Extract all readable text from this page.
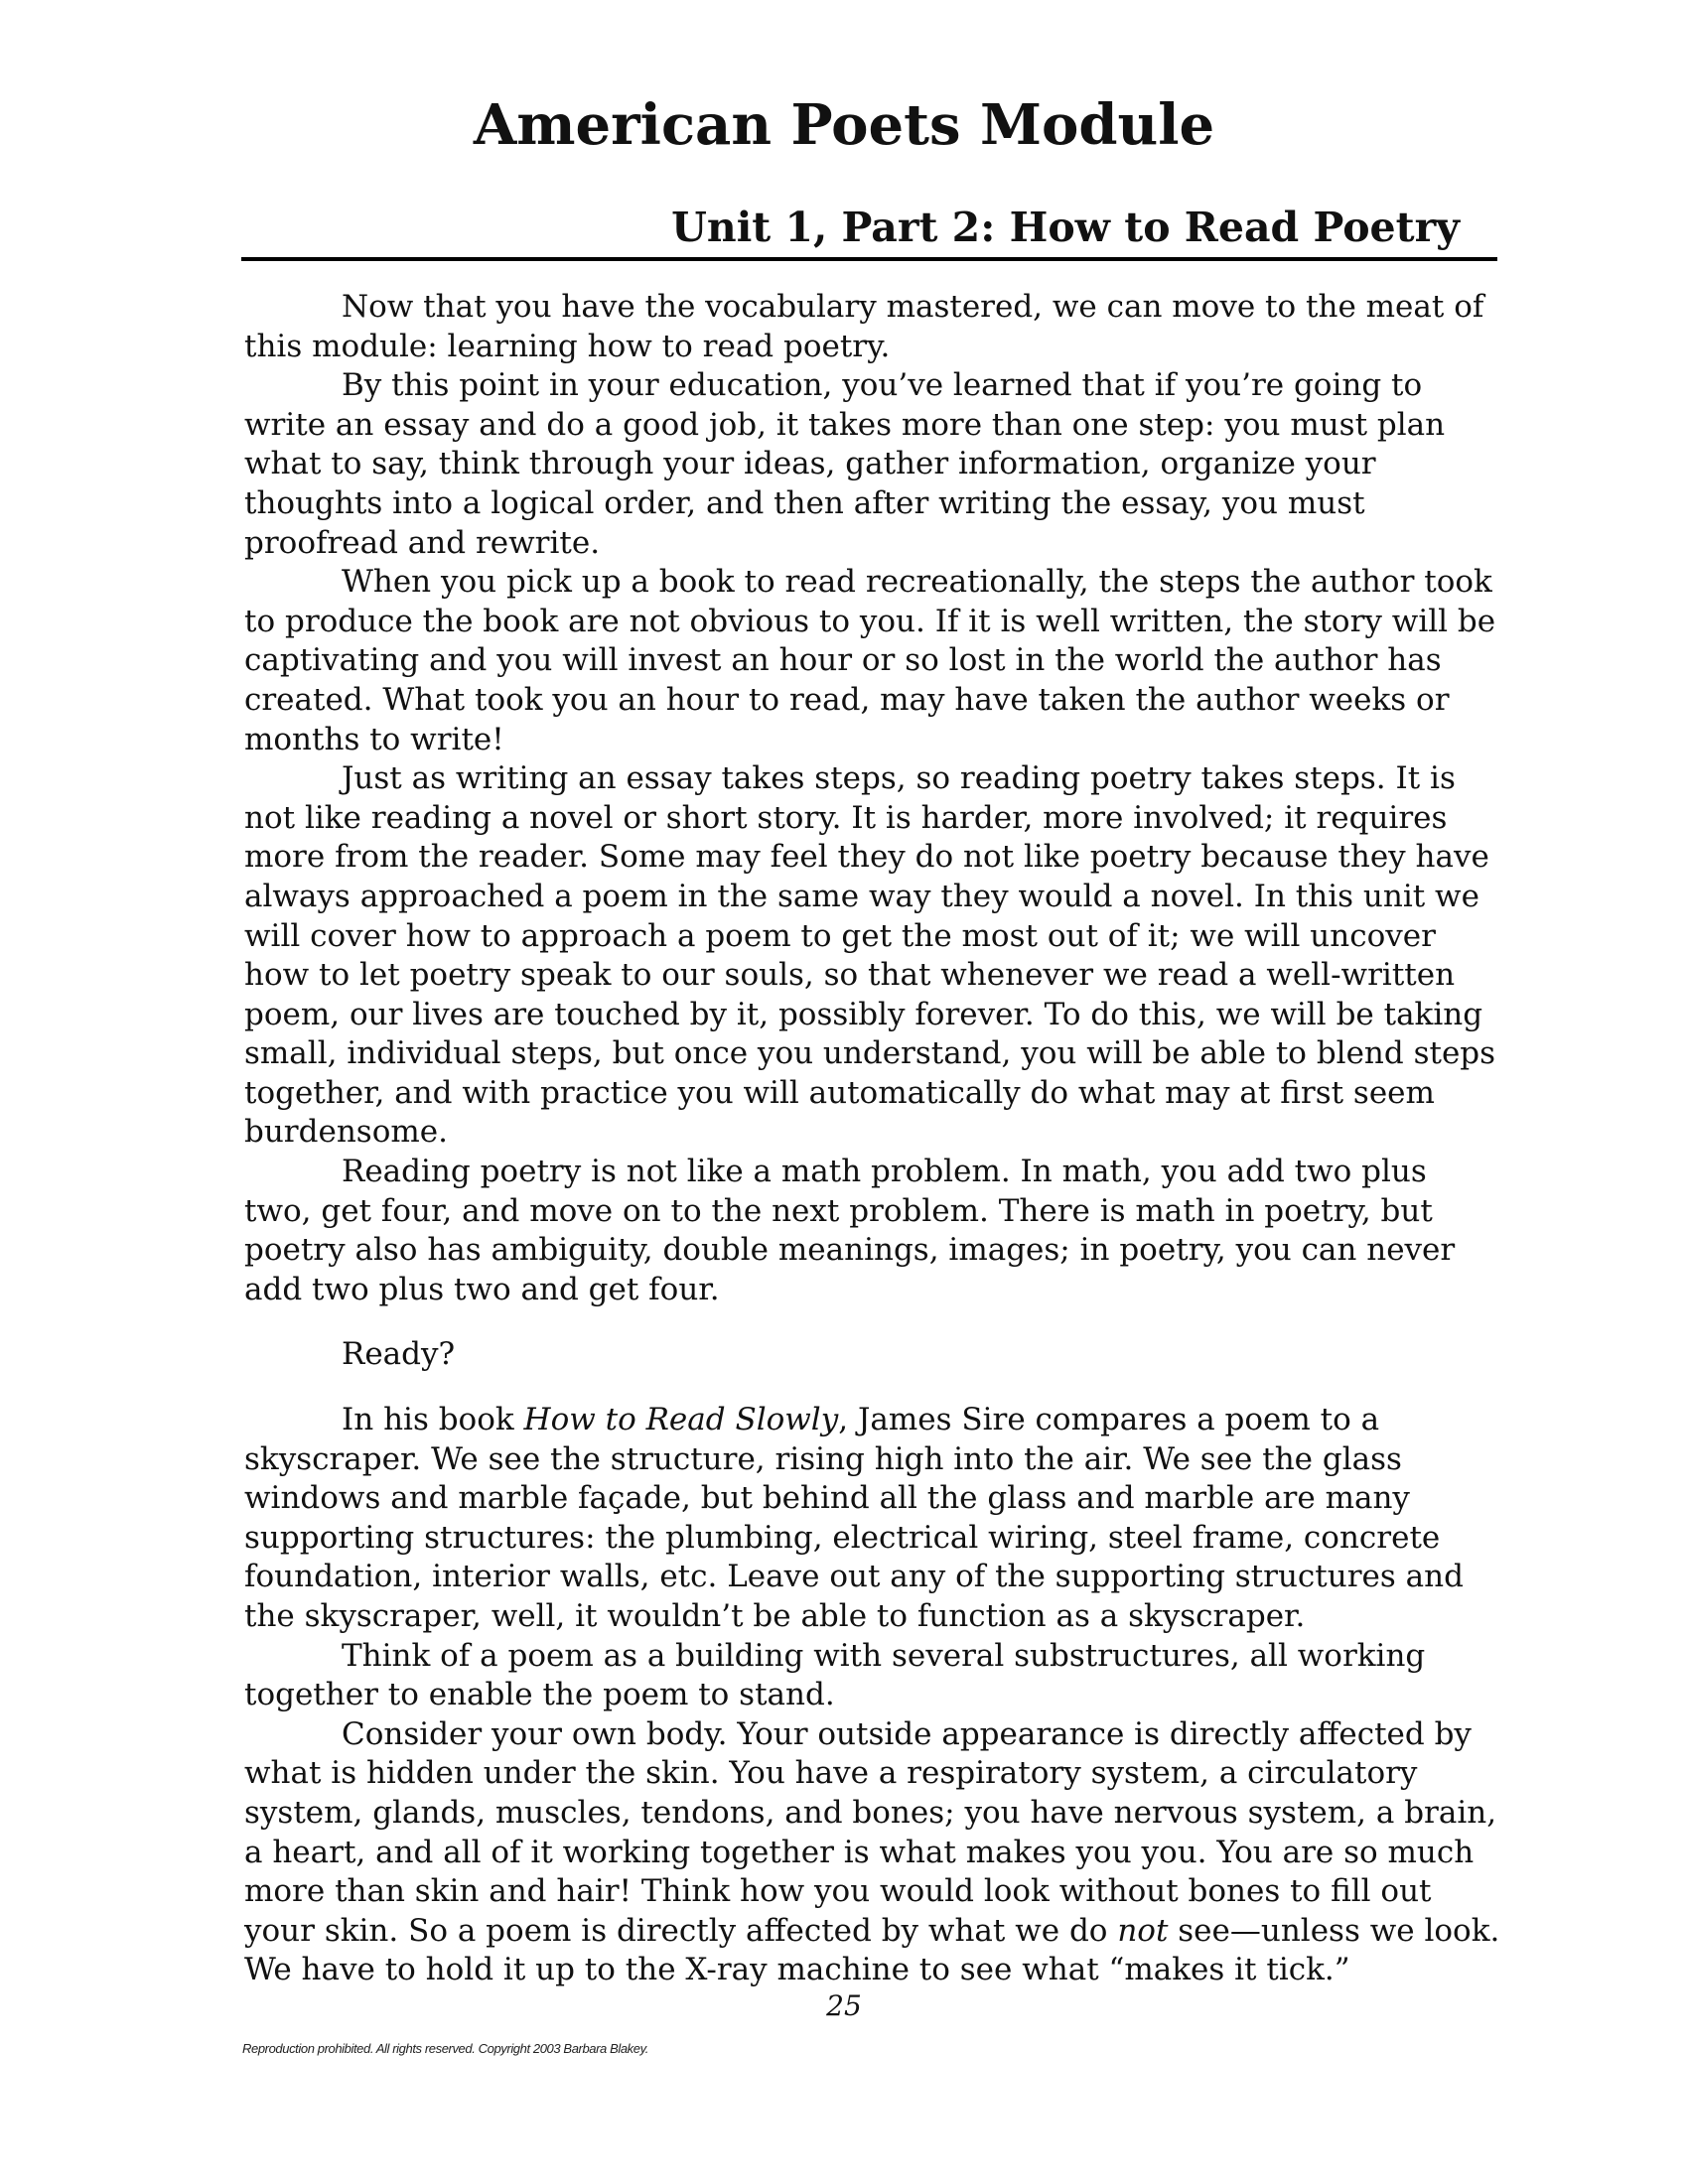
American Poets Module
Unit 1, Part 2: How to Read Poetry

Now that you have the vocabulary mastered, we can move to the meat of this module: learning how to read poetry.

By this point in your education, you’ve learned that if you’re going to write an essay and do a good job, it takes more than one step: you must plan what to say, think through your ideas, gather information, organize your thoughts into a logical order, and then after writing the essay, you must proofread and rewrite.

When you pick up a book to read recreationally, the steps the author took to produce the book are not obvious to you. If it is well written, the story will be captivating and you will invest an hour or so lost in the world the author has created. What took you an hour to read, may have taken the author weeks or months to write!

Just as writing an essay takes steps, so reading poetry takes steps. It is not like reading a novel or short story. It is harder, more involved; it requires more from the reader. Some may feel they do not like poetry because they have always approached a poem in the same way they would a novel. In this unit we will cover how to approach a poem to get the most out of it; we will uncover how to let poetry speak to our souls, so that whenever we read a well-written poem, our lives are touched by it, possibly forever. To do this, we will be taking small, individual steps, but once you understand, you will be able to blend steps together, and with practice you will automatically do what may at first seem burdensome.

Reading poetry is not like a math problem. In math, you add two plus two, get four, and move on to the next problem. There is math in poetry, but poetry also has ambiguity, double meanings, images; in poetry, you can never add two plus two and get four.

Ready?

In his book How to Read Slowly, James Sire compares a poem to a skyscraper. We see the structure, rising high into the air. We see the glass windows and marble façade, but behind all the glass and marble are many supporting structures: the plumbing, electrical wiring, steel frame, concrete foundation, interior walls, etc. Leave out any of the supporting structures and the skyscraper, well, it wouldn’t be able to function as a skyscraper.

Think of a poem as a building with several substructures, all working together to enable the poem to stand.

Consider your own body. Your outside appearance is directly affected by what is hidden under the skin. You have a respiratory system, a circulatory system, glands, muscles, tendons, and bones; you have nervous system, a brain, a heart, and all of it working together is what makes you you. You are so much more than skin and hair! Think how you would look without bones to fill out your skin. So a poem is directly affected by what we do not see—unless we look. We have to hold it up to the X-ray machine to see what “makes it tick.”

25

Reproduction prohibited. All rights reserved. Copyright 2003 Barbara Blakey.
